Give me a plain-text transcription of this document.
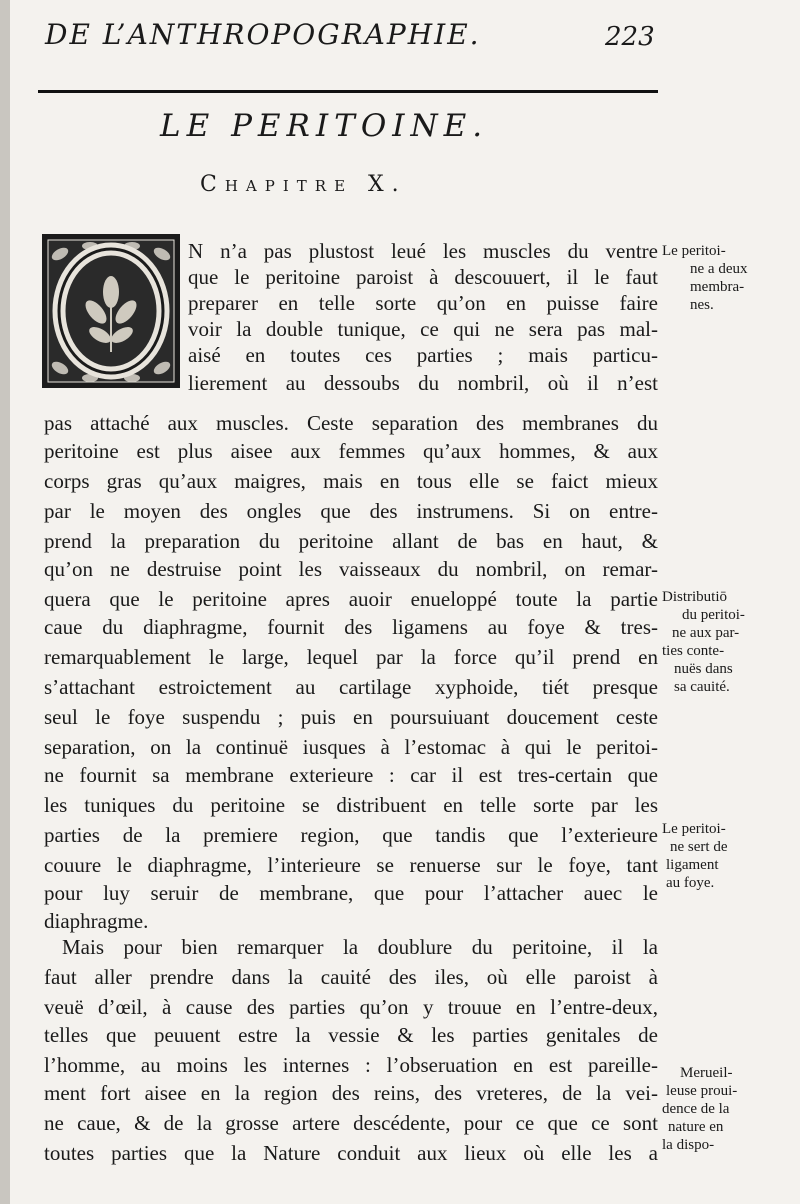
DE L’ANTHROPOGRAPHIE.	223
LE PERITOINE.
Chapitre X.
N n’a pas plustost leué les muscles du ventre
que le peritoine paroist à descouuert, il le faut
preparer en telle sorte qu’on en puisse faire
voir la double tunique, ce qui ne sera pas mal-
aisé en toutes ces parties ; mais particu-
lierement au dessoubs du nombril, où il n’est
pas attaché aux muscles. Ceste separation des membranes du
peritoine est plus aisee aux femmes qu’aux hommes, & aux
corps gras qu’aux maigres, mais en tous elle se faict mieux
par le moyen des ongles que des instrumens. Si on entre-
prend la preparation du peritoine allant de bas en haut, &
qu’on ne destruise point les vaisseaux du nombril, on remar-
quera que le peritoine apres auoir enueloppé toute la partie
caue du diaphragme, fournit des ligamens au foye & tres-
remarquablement le large, lequel par la force qu’il prend en
s’attachant estroictement au cartilage xyphoide, tiét presque
seul le foye suspendu ; puis en poursuiuant doucement ceste
separation, on la continuë iusques à l’estomac à qui le peritoi-
ne fournit sa membrane exterieure : car il est tres-certain que
les tuniques du peritoine se distribuent en telle sorte par les
parties de la premiere region, que tandis que l’exterieure
couure le diaphragme, l’interieure se renuerse sur le foye, tant
pour luy seruir de membrane, que pour l’attacher auec le
diaphragme.
Mais pour bien remarquer la doublure du peritoine, il la
faut aller prendre dans la cauité des iles, où elle paroist à
veuë d’œil, à cause des parties qu’on y trouue en l’entre-deux,
telles que peuuent estre la vessie & les parties genitales de
l’homme, au moins les internes : l’obseruation en est pareille-
ment fort aisee en la region des reins, des vreteres, de la vei-
ne caue, & de la grosse artere descédente, pour ce que ce sont
toutes parties que la Nature conduit aux lieux où elle les a
Le peritoi-
ne a deux
membra-
nes.
Distributiō
du peritoi-
ne aux par-
ties conte-
nuës dans
sa cauité.
Le peritoi-
ne sert de
ligament
au foye.
Merueil-
leuse proui-
dence de la
nature en
la dispo-
